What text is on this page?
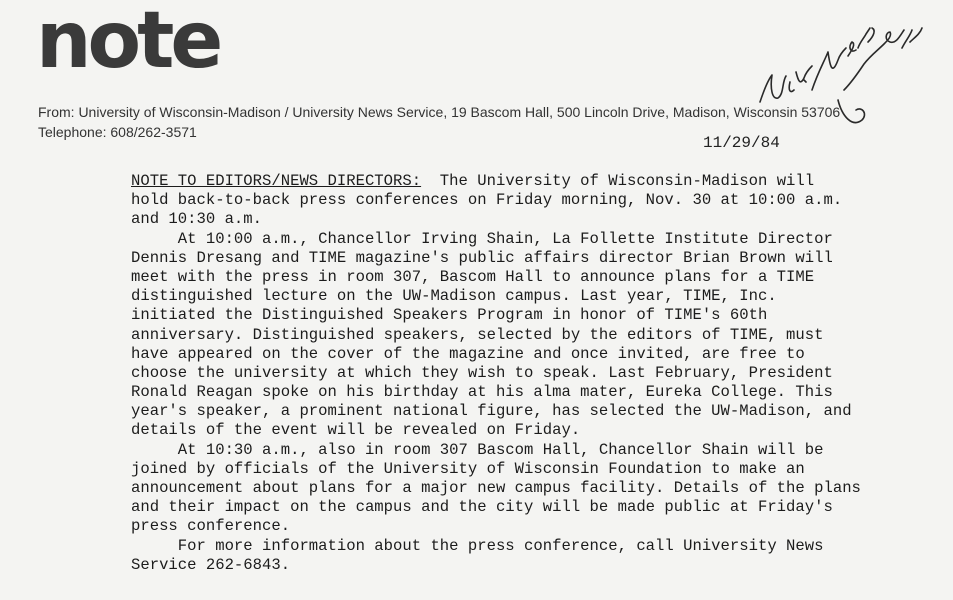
note
From: University of Wisconsin-Madison / University News Service, 19 Bascom Hall, 500 Lincoln Drive, Madison, Wisconsin 53706
Telephone: 608/262-3571
11/29/84
NOTE TO EDITORS/NEWS DIRECTORS:  The University of Wisconsin-Madison will
hold back-to-back press conferences on Friday morning, Nov. 30 at 10:00 a.m.
and 10:30 a.m.
At 10:00 a.m., Chancellor Irving Shain, La Follette Institute Director
Dennis Dresang and TIME magazine's public affairs director Brian Brown will
meet with the press in room 307, Bascom Hall to announce plans for a TIME
distinguished lecture on the UW-Madison campus. Last year, TIME, Inc.
initiated the Distinguished Speakers Program in honor of TIME's 60th
anniversary. Distinguished speakers, selected by the editors of TIME, must
have appeared on the cover of the magazine and once invited, are free to
choose the university at which they wish to speak. Last February, President
Ronald Reagan spoke on his birthday at his alma mater, Eureka College. This
year's speaker, a prominent national figure, has selected the UW-Madison, and
details of the event will be revealed on Friday.
At 10:30 a.m., also in room 307 Bascom Hall, Chancellor Shain will be
joined by officials of the University of Wisconsin Foundation to make an
announcement about plans for a major new campus facility. Details of the plans
and their impact on the campus and the city will be made public at Friday's
press conference.
For more information about the press conference, call University News
Service 262-6843.
